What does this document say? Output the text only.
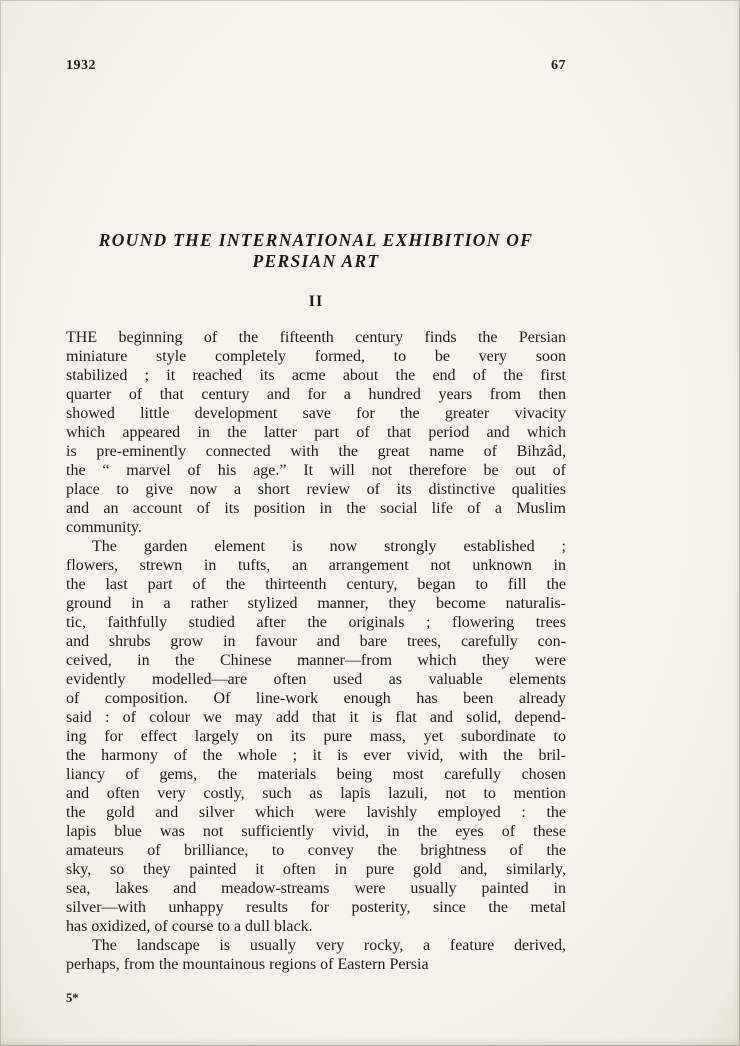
1932	67
ROUND THE INTERNATIONAL EXHIBITION OF
PERSIAN ART
II
THE beginning of the fifteenth century finds the Persian
miniature style completely formed, to be very soon
stabilized ; it reached its acme about the end of the first
quarter of that century and for a hundred years from then
showed little development save for the greater vivacity
which appeared in the latter part of that period and which
is pre-eminently connected with the great name of Bihzâd,
the “ marvel of his age.” It will not therefore be out of
place to give now a short review of its distinctive qualities
and an account of its position in the social life of a Muslim
community.
The garden element is now strongly established ;
flowers, strewn in tufts, an arrangement not unknown in
the last part of the thirteenth century, began to fill the
ground in a rather stylized manner, they become naturalis-
tic, faithfully studied after the originals ; flowering trees
and shrubs grow in favour and bare trees, carefully con-
ceived, in the Chinese manner—from which they were
evidently modelled—are often used as valuable elements
of composition. Of line-work enough has been already
said : of colour we may add that it is flat and solid, depend-
ing for effect largely on its pure mass, yet subordinate to
the harmony of the whole ; it is ever vivid, with the bril-
liancy of gems, the materials being most carefully chosen
and often very costly, such as lapis lazuli, not to mention
the gold and silver which were lavishly employed : the
lapis blue was not sufficiently vivid, in the eyes of these
amateurs of brilliance, to convey the brightness of the
sky, so they painted it often in pure gold and, similarly,
sea, lakes and meadow-streams were usually painted in
silver—with unhappy results for posterity, since the metal
has oxidized, of course to a dull black.
The landscape is usually very rocky, a feature derived,
perhaps, from the mountainous regions of Eastern Persia
5*
